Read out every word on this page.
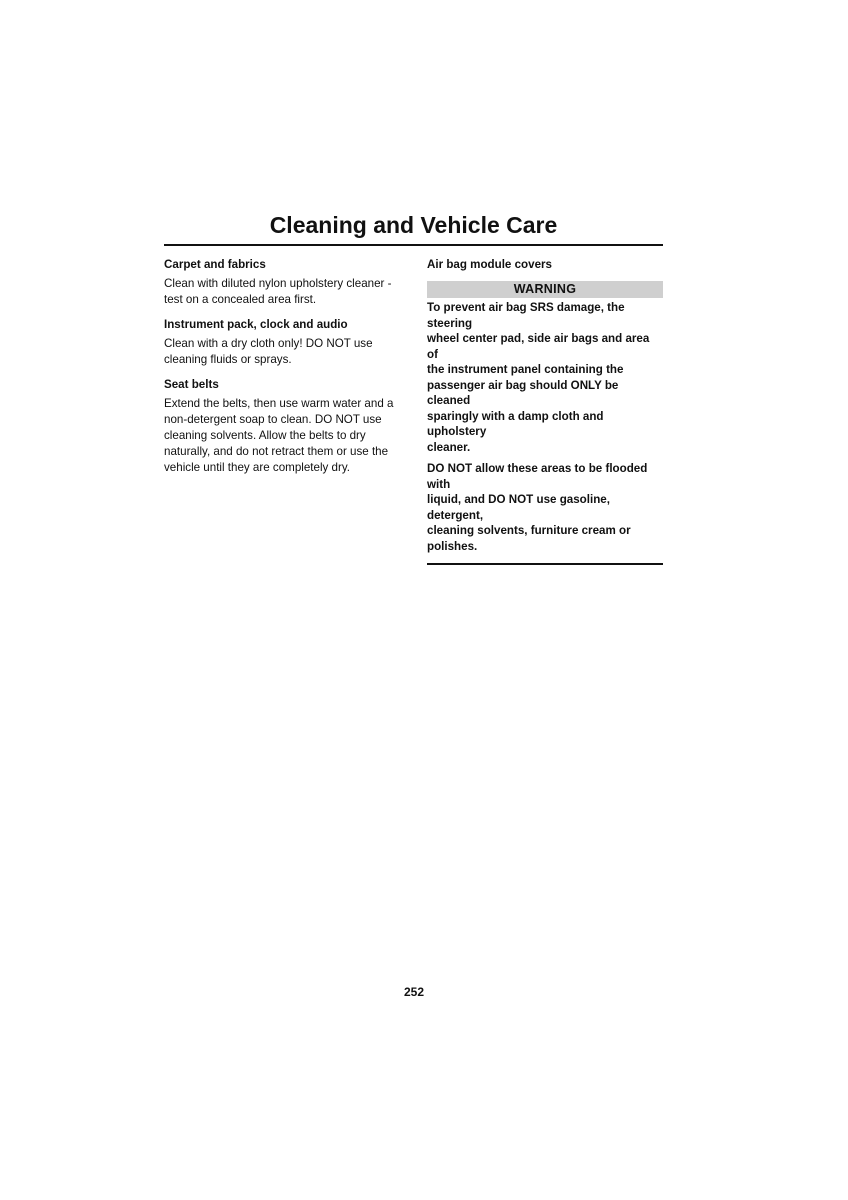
Cleaning and Vehicle Care
Carpet and fabrics
Clean with diluted nylon upholstery cleaner -
test on a concealed area first.
Instrument pack, clock and audio
Clean with a dry cloth only! DO NOT use
cleaning fluids or sprays.
Seat belts
Extend the belts, then use warm water and a
non-detergent soap to clean. DO NOT use
cleaning solvents. Allow the belts to dry
naturally, and do not retract them or use the
vehicle until they are completely dry.
Air bag module covers
WARNING
To prevent air bag SRS damage, the steering
wheel center pad, side air bags and area of
the instrument panel containing the
passenger air bag should ONLY be cleaned
sparingly with a damp cloth and upholstery
cleaner.
DO NOT allow these areas to be flooded with
liquid, and DO NOT use gasoline, detergent,
cleaning solvents, furniture cream or
polishes.
252
